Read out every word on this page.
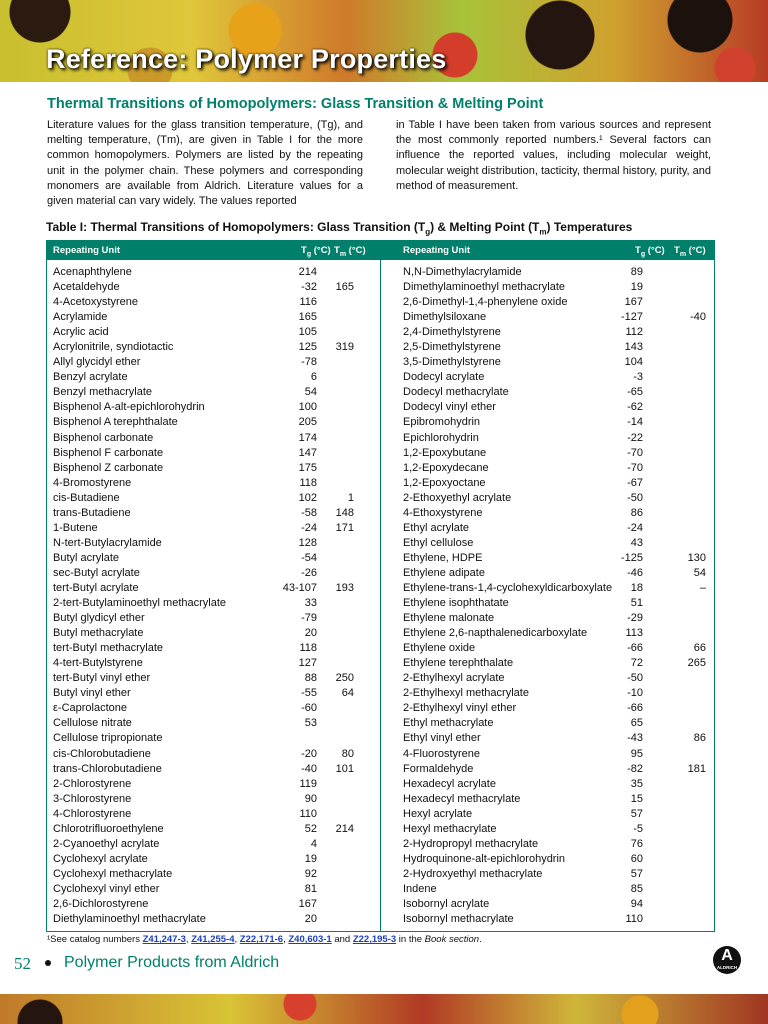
Reference: Polymer Properties
Thermal Transitions of Homopolymers: Glass Transition & Melting Point
Literature values for the glass transition temperature, (Tg), and melting temperature, (Tm), are given in Table I for the more common homopolymers. Polymers are listed by the repeating unit in the polymer chain. These polymers and corresponding monomers are available from Aldrich. Literature values for a given material can vary widely. The values reported
in Table I have been taken from various sources and represent the most commonly reported numbers.¹ Several factors can influence the reported values, including molecular weight, molecular weight distribution, tacticity, thermal history, purity, and method of measurement.
Table I: Thermal Transitions of Homopolymers: Glass Transition $(T_g)$ & Melting Point $(T_m)$ Temperatures
Repeating Unit	$T_g$ (°C) $T_m$ (°C)
Acenaphthylene	214
Acetaldehyde	-32	165
4-Acetoxystyrene	116
Acrylamide	165
Acrylic acid	105
Acrylonitrile, syndiotactic	125	319
Allyl glycidyl ether	-78
Benzyl acrylate	6
Benzyl methacrylate	54
Bisphenol A-alt-epichlorohydrin	100
Bisphenol A terephthalate	205
Bisphenol carbonate	174
Bisphenol F carbonate	147
Bisphenol Z carbonate	175
4-Bromostyrene	118
cis-Butadiene	102	1
trans-Butadiene	-58	148
1-Butene	-24	171
N-tert-Butylacrylamide	128
Butyl acrylate	-54
sec-Butyl acrylate	-26
tert-Butyl acrylate	43-107	193
2-tert-Butylaminoethyl methacrylate	33
Butyl glydicyl ether	-79
Butyl methacrylate	20
tert-Butyl methacrylate	118
4-tert-Butylstyrene	127
tert-Butyl vinyl ether	88	250
Butyl vinyl ether	-55	64
ε-Caprolactone	-60
Cellulose nitrate	53
Cellulose tripropionate
cis-Chlorobutadiene	-20	80
trans-Chlorobutadiene	-40	101
2-Chlorostyrene	119
3-Chlorostyrene	90
4-Chlorostyrene	110
Chlorotrifluoroethylene	52	214
2-Cyanoethyl acrylate	4
Cyclohexyl acrylate	19
Cyclohexyl methacrylate	92
Cyclohexyl vinyl ether	81
2,6-Dichlorostyrene	167
Diethylaminoethyl methacrylate	20
Repeating Unit	$T_g$ (°C) $T_m$ (°C)
N,N-Dimethylacrylamide	89
Dimethylaminoethyl methacrylate	19
2,6-Dimethyl-1,4-phenylene oxide	167
Dimethylsiloxane	-127	-40
2,4-Dimethylstyrene	112
2,5-Dimethylstyrene	143
3,5-Dimethylstyrene	104
Dodecyl acrylate	-3
Dodecyl methacrylate	-65
Dodecyl vinyl ether	-62
Epibromohydrin	-14
Epichlorohydrin	-22
1,2-Epoxybutane	-70
1,2-Epoxydecane	-70
1,2-Epoxyoctane	-67
2-Ethoxyethyl acrylate	-50
4-Ethoxystyrene	86
Ethyl acrylate	-24
Ethyl cellulose	43
Ethylene, HDPE	-125	130
Ethylene adipate	-46	54
Ethylene-trans-1,4-cyclohexyldicarboxylate	18	–
Ethylene isophthatate	51
Ethylene malonate	-29
Ethylene 2,6-napthalenedicarboxylate	113
Ethylene oxide	-66	66
Ethylene terephthalate	72	265
2-Ethylhexyl acrylate	-50
2-Ethylhexyl methacrylate	-10
2-Ethylhexyl vinyl ether	-66
Ethyl methacrylate	65
Ethyl vinyl ether	-43	86
4-Fluorostyrene	95
Formaldehyde	-82	181
Hexadecyl acrylate	35
Hexadecyl methacrylate	15
Hexyl acrylate	57
Hexyl methacrylate	-5
2-Hydropropyl methacrylate	76
Hydroquinone-alt-epichlorohydrin	60
2-Hydroxyethyl methacrylate	57
Indene	85
Isobornyl acrylate	94
Isobornyl methacrylate	110
¹See catalog numbers Z41,247-3, Z41,255-4, Z22,171-6, Z40,603-1 and Z22,195-3 in the Book section.
52 Polymer Products from Aldrich	A
ALDRICH
